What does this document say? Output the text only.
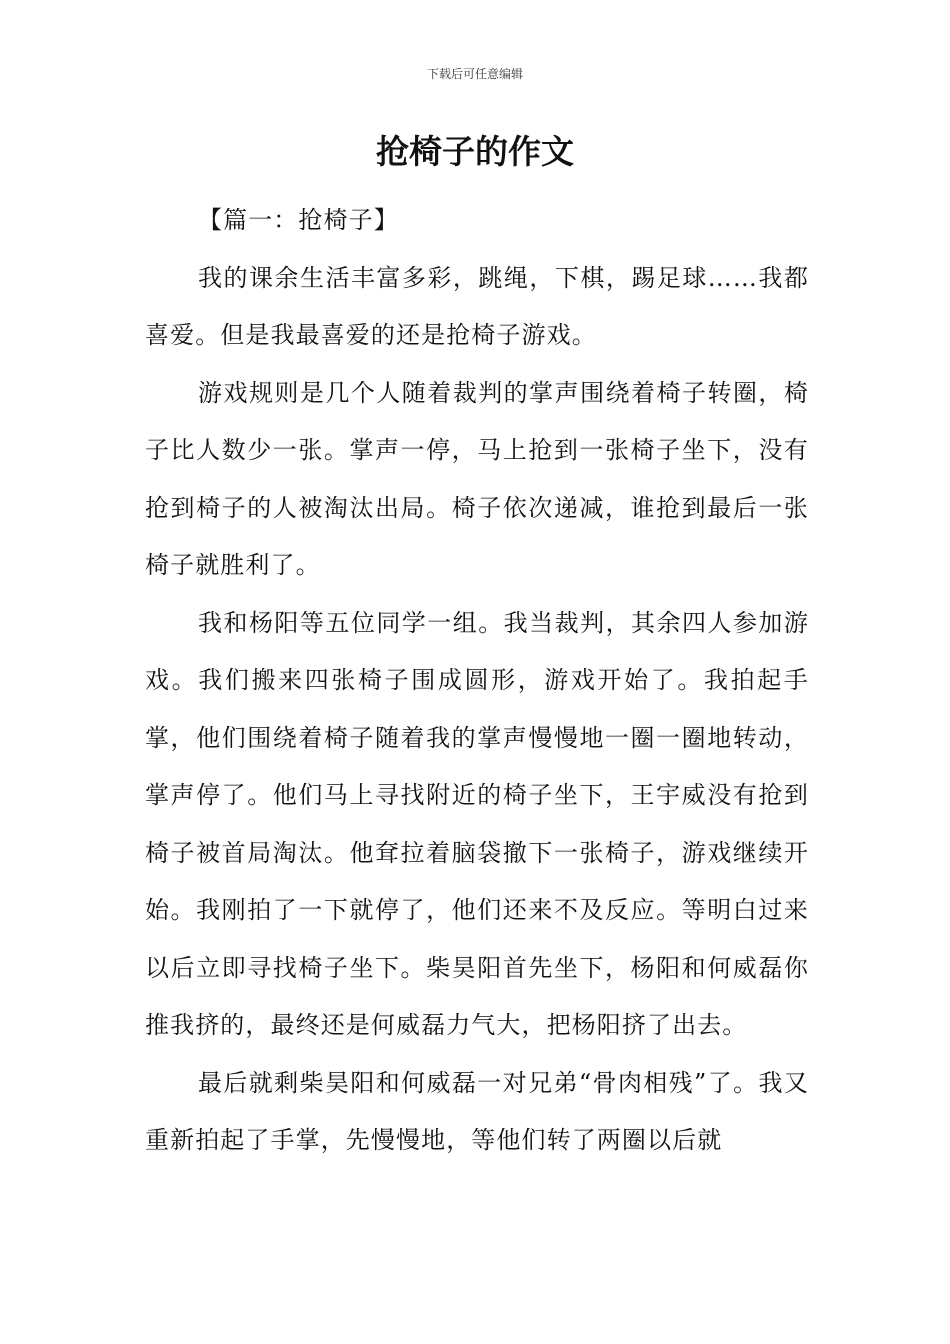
下载后可任意编辑
抢椅子的作文

【篇一：抢椅子】

我的课余生活丰富多彩，跳绳，下棋，踢足球……我都喜爱。但是我最喜爱的还是抢椅子游戏。

游戏规则是几个人随着裁判的掌声围绕着椅子转圈，椅子比人数少一张。掌声一停，马上抢到一张椅子坐下，没有抢到椅子的人被淘汰出局。椅子依次递减，谁抢到最后一张椅子就胜利了。

我和杨阳等五位同学一组。我当裁判，其余四人参加游戏。我们搬来四张椅子围成圆形，游戏开始了。我拍起手掌，他们围绕着椅子随着我的掌声慢慢地一圈一圈地转动，掌声停了。他们马上寻找附近的椅子坐下，王宇威没有抢到椅子被首局淘汰。他耷拉着脑袋撤下一张椅子，游戏继续开始。我刚拍了一下就停了，他们还来不及反应。等明白过来以后立即寻找椅子坐下。柴昊阳首先坐下，杨阳和何威磊你推我挤的，最终还是何威磊力气大，把杨阳挤了出去。

最后就剩柴昊阳和何威磊一对兄弟“骨肉相残”了。我又重新拍起了手掌，先慢慢地，等他们转了两圈以后就
